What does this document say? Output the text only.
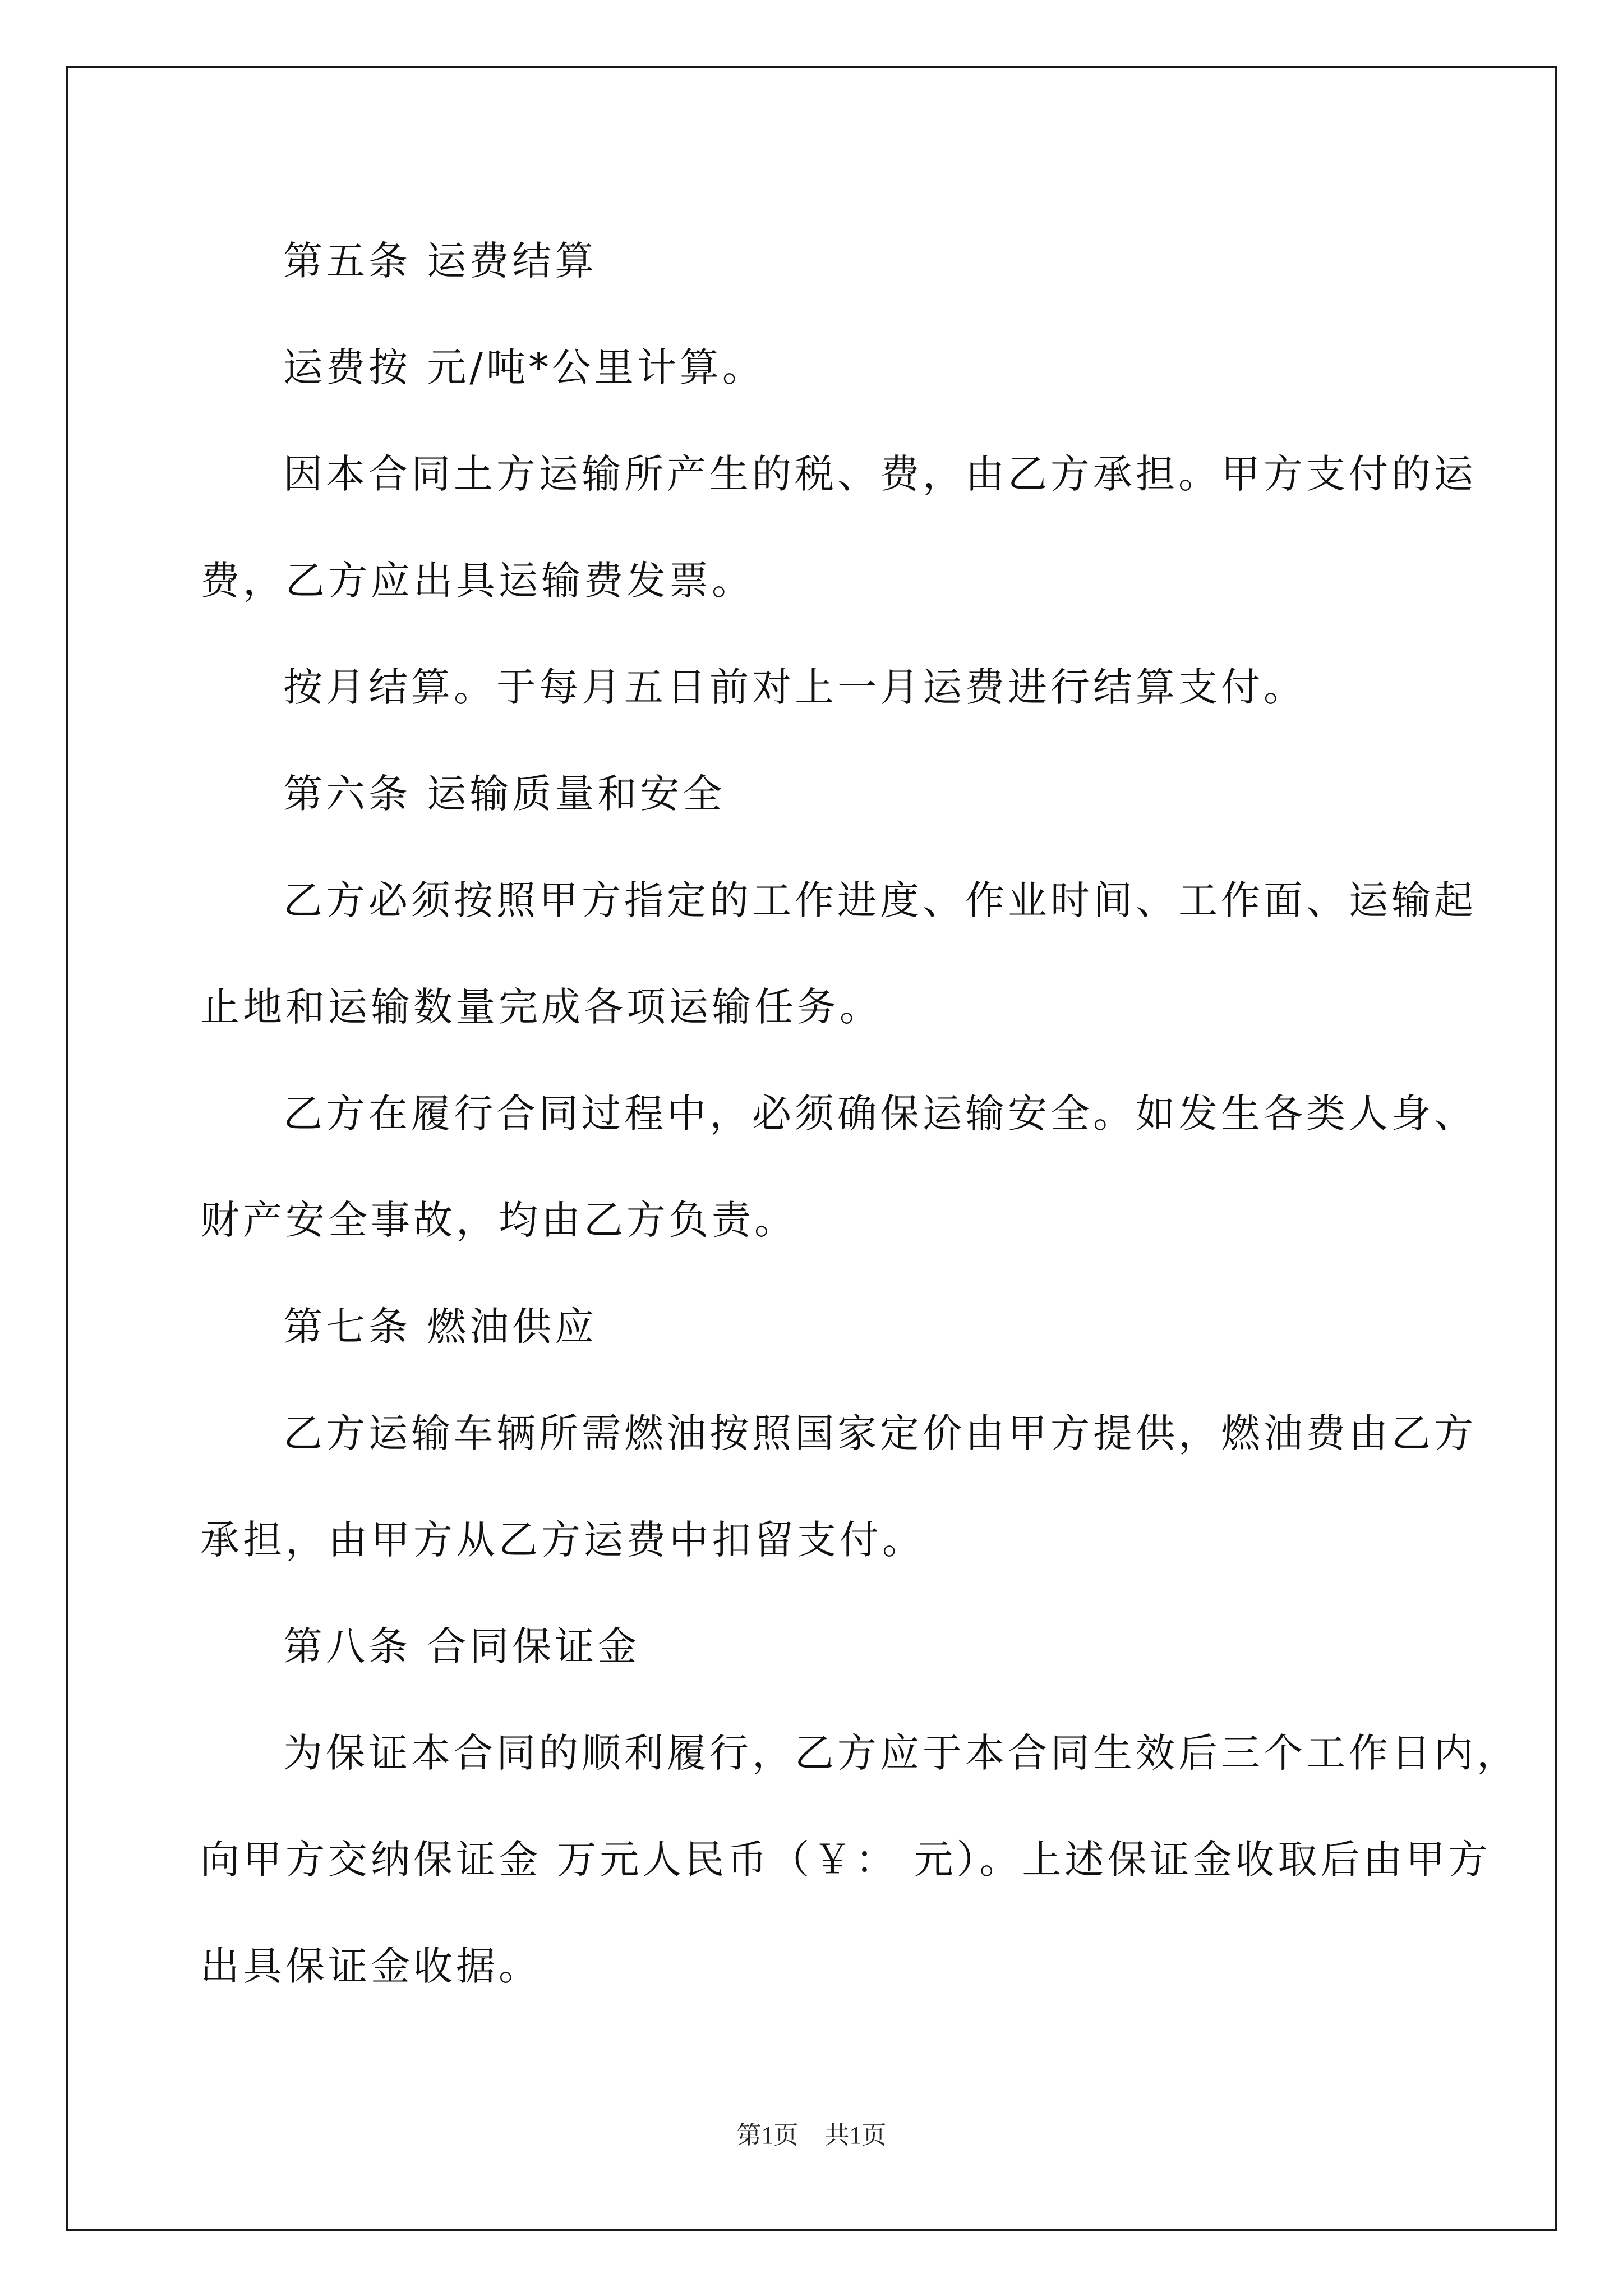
第五条 运费结算
运费按 元/吨*公里计算。
因本合同土方运输所产生的税、费，由乙方承担。甲方支付的运
费，乙方应出具运输费发票。
按月结算。于每月五日前对上一月运费进行结算支付。
第六条 运输质量和安全
乙方必须按照甲方指定的工作进度、作业时间、工作面、运输起
止地和运输数量完成各项运输任务。
乙方在履行合同过程中，必须确保运输安全。如发生各类人身、
财产安全事故，均由乙方负责。
第七条 燃油供应
乙方运输车辆所需燃油按照国家定价由甲方提供，燃油费由乙方
承担，由甲方从乙方运费中扣留支付。
第八条 合同保证金
为保证本合同的顺利履行，乙方应于本合同生效后三个工作日内，
向甲方交纳保证金 万元人民币（￥： 元）。上述保证金收取后由甲方
出具保证金收据。
第1页 共1页
